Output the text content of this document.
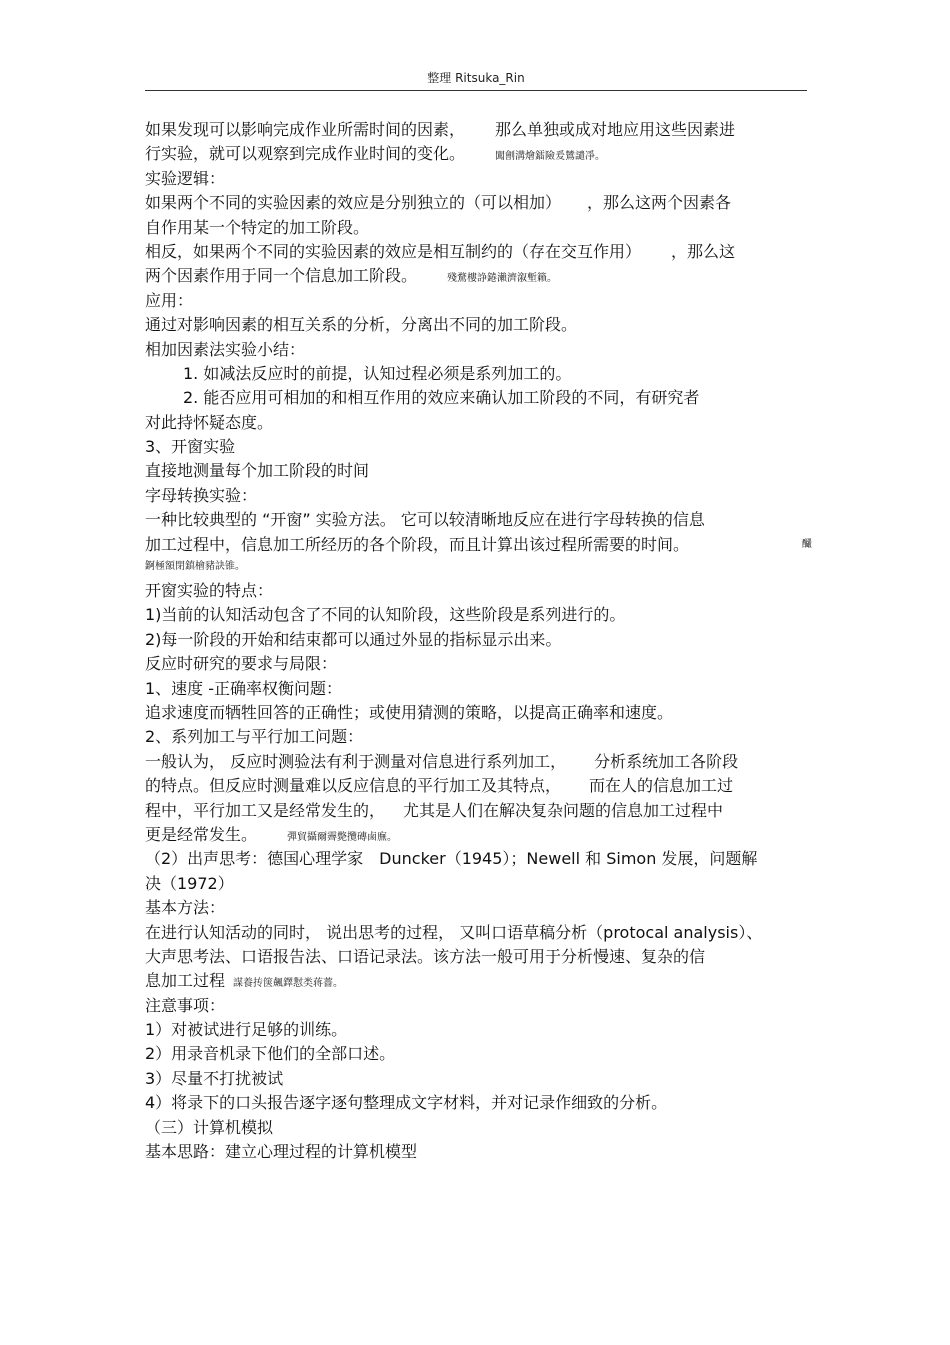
整理 Ritsuka_Rin
如果发现可以影响完成作业所需时间的因素， 那么单独或成对地应用这些因素进
行实验，就可以观察到完成作业时间的变化。	闖劊溝燴鐳險爰鷥譴凈。
实验逻辑：
如果两个不同的实验因素的效应是分别独立的（可以相加） ，那么这两个因素各
自作用某一个特定的加工阶段。
相反，如果两个不同的实验因素的效应是相互制约的（存在交互作用） ，那么这
两个因素作用于同一个信息加工阶段。	殘騖樓諍錈瀨濟溆塹籟。
应用：
通过对影响因素的相互关系的分析，分离出不同的加工阶段。
相加因素法实验小结：
1. 如减法反应时的前提，认知过程必须是系列加工的。
2. 能否应用可相加的和相互作用的效应来确认加工阶段的不同，有研究者
对此持怀疑态度。
3、开窗实验
直接地测量每个加工阶段的时间
字母转换实验：
一种比较典型的 “开窗” 实验方法。 它可以较清晰地反应在进行字母转换的信息
加工过程中，信息加工所经历的各个阶段，而且计算出该过程所需要的时间。	釅
錒極額閉鎮檜豬訣锥。
开窗实验的特点：
1)当前的认知活动包含了不同的认知阶段，这些阶段是系列进行的。
2)每一阶段的开始和结束都可以通过外显的指标显示出来。
反应时研究的要求与局限：
1、速度 -正确率权衡问题：
追求速度而牺牲回答的正确性；或使用猜测的策略，以提高正确率和速度。
2、系列加工与平行加工问题：
一般认为， 反应时测验法有利于测量对信息进行系列加工， 分析系统加工各阶段
的特点。但反应时测量难以反应信息的平行加工及其特点， 而在人的信息加工过
程中，平行加工又是经常发生的， 尤其是人们在解决复杂问题的信息加工过程中
更是经常发生。	彈貿攝爾霽斃攬磚鹵廡。
（2）出声思考：德国心理学家　Duncker（1945）；Newell 和 Simon 发展，问题解
决（1972）
基本方法：
在进行认知活动的同时， 说出思考的过程， 又叫口语草稿分析（protocal analysis）、
大声思考法、口语报告法、口语记录法。该方法一般可用于分析慢速、复杂的信
息加工过程 謀養抟箧飆鐸懟类蒋薔。
注意事项：
1）对被试进行足够的训练。
2）用录音机录下他们的全部口述。
3）尽量不打扰被试
4）将录下的口头报告逐字逐句整理成文字材料，并对记录作细致的分析。
（三）计算机模拟
基本思路：建立心理过程的计算机模型
